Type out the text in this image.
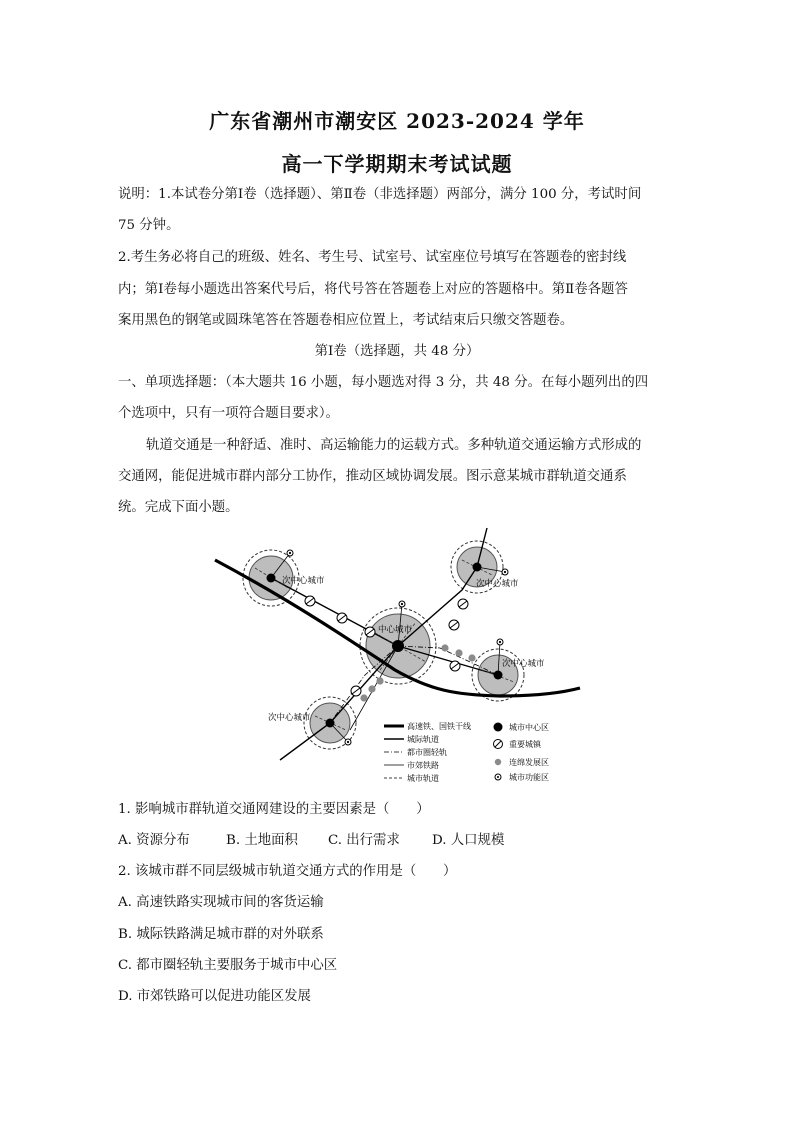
广东省潮州市潮安区 2023-2024 学年
高一下学期期末考试试题
说明：1.本试卷分第Ⅰ卷（选择题）、第Ⅱ卷（非选择题）两部分，满分 100 分，考试时间
75 分钟。
2.考生务必将自己的班级、姓名、考生号、试室号、试室座位号填写在答题卷的密封线
内；第Ⅰ卷每小题选出答案代号后，将代号答在答题卷上对应的答题格中。第Ⅱ卷各题答
案用黑色的钢笔或圆珠笔答在答题卷相应位置上，考试结束后只缴交答题卷。
第Ⅰ卷（选择题，共 48 分）
一、单项选择题：（本大题共 16 小题，每小题选对得 3 分，共 48 分。在每小题列出的四
个选项中，只有一项符合题目要求）。
轨道交通是一种舒适、准时、高运输能力的运载方式。多种轨道交通运输方式形成的
交通网，能促进城市群内部分工协作，推动区域协调发展。图示意某城市群轨道交通系
统。完成下面小题。
次中心城市	次中心城市
中心城市
次中心城市
次中心城市
高速铁、国铁干线
城际轨道
都市圈轻轨
市郊铁路
城市轨道
城市中心区
重要城镇
连绵发展区
城市功能区
1. 影响城市群轨道交通网建设的主要因素是（　　）
A. 资源分布	B. 土地面积 C. 出行需求 D. 人口规模
2. 该城市群不同层级城市轨道交通方式的作用是（　　）
A. 高速铁路实现城市间的客货运输
B. 城际铁路满足城市群的对外联系
C. 都市圈轻轨主要服务于城市中心区
D. 市郊铁路可以促进功能区发展
